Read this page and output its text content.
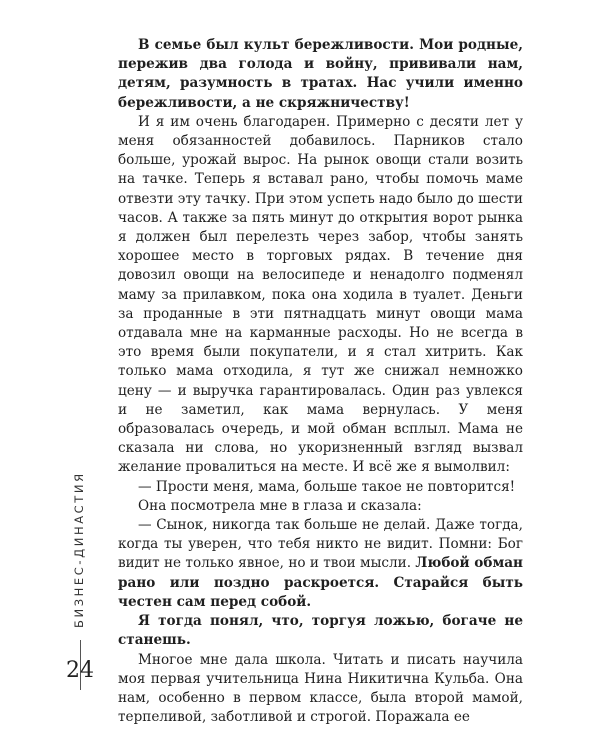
В семье был культ бережливости. Мои родные, пережив два голода и войну, прививали нам, детям, разумность в тратах. Нас учили именно бережливости, а не скряжничеству!

И я им очень благодарен. Примерно с десяти лет у меня обязанностей добавилось. Парников стало больше, урожай вырос. На рынок овощи стали возить на тачке. Теперь я вставал рано, чтобы помочь маме отвезти эту тачку. При этом успеть надо было до шести часов. А также за пять минут до открытия ворот рынка я должен был перелезть через забор, чтобы занять хорошее место в торговых рядах. В течение дня довозил овощи на велосипеде и ненадолго подменял маму за прилавком, пока она ходила в туалет. Деньги за проданные в эти пятнадцать минут овощи мама отдавала мне на карманные расходы. Но не всегда в это время были покупатели, и я стал хитрить. Как только мама отходила, я тут же снижал немножко цену — и выручка гарантировалась. Один раз увлекся и не заметил, как мама вернулась. У меня образовалась очередь, и мой обман всплыл. Мама не сказала ни слова, но укоризненный взгляд вызвал желание провалиться на месте. И всё же я вымолвил:

— Прости меня, мама, больше такое не повторится!

Она посмотрела мне в глаза и сказала:

— Сынок, никогда так больше не делай. Даже тогда, когда ты уверен, что тебя никто не видит. Помни: Бог видит не только явное, но и твои мысли. Любой обман рано или поздно раскроется. Старайся быть честен сам перед собой.

Я тогда понял, что, торгуя ложью, богаче не станешь.

Многое мне дала школа. Читать и писать научила моя первая учительница Нина Никитична Кульба. Она нам, особенно в первом классе, была второй мамой, терпеливой, заботливой и строгой. Поражала ее

БИЗНЕС-ДИНАСТИЯ
24
